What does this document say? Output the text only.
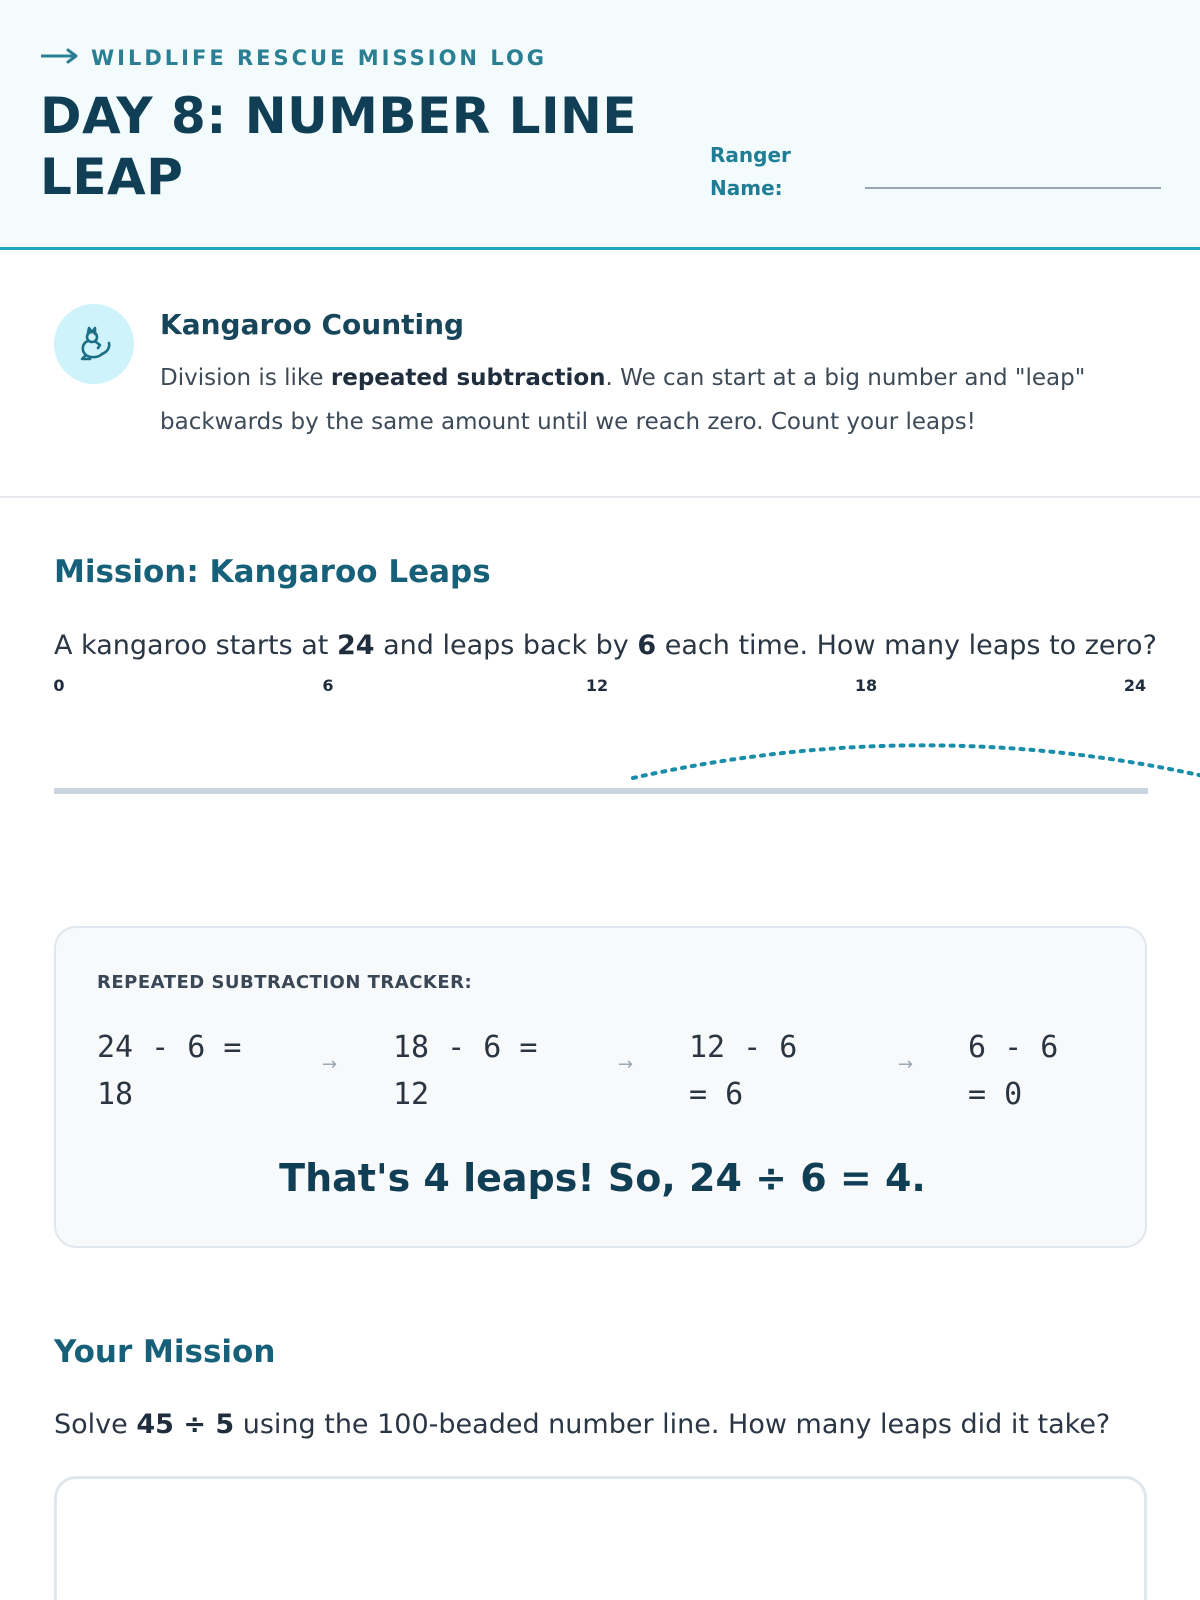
WILDLIFE RESCUE MISSION LOG
DAY 8: NUMBER LINE LEAP	Ranger Name:
Kangaroo Counting
Division is like repeated subtraction. We can start at a big number and "leap" backwards by the same amount until we reach zero. Count your leaps!
Mission: Kangaroo Leaps
A kangaroo starts at 24 and leaps back by 6 each time. How many leaps to zero?
0	6	12	18	24
REPEATED SUBTRACTION TRACKER:
24 - 6 =
18
→ 18 - 6 =
12
→ 12 - 6
= 6
→ 6 - 6
= 0
That's 4 leaps! So, 24 ÷ 6 = 4.
Your Mission
Solve 45 ÷ 5 using the 100-beaded number line. How many leaps did it take?
